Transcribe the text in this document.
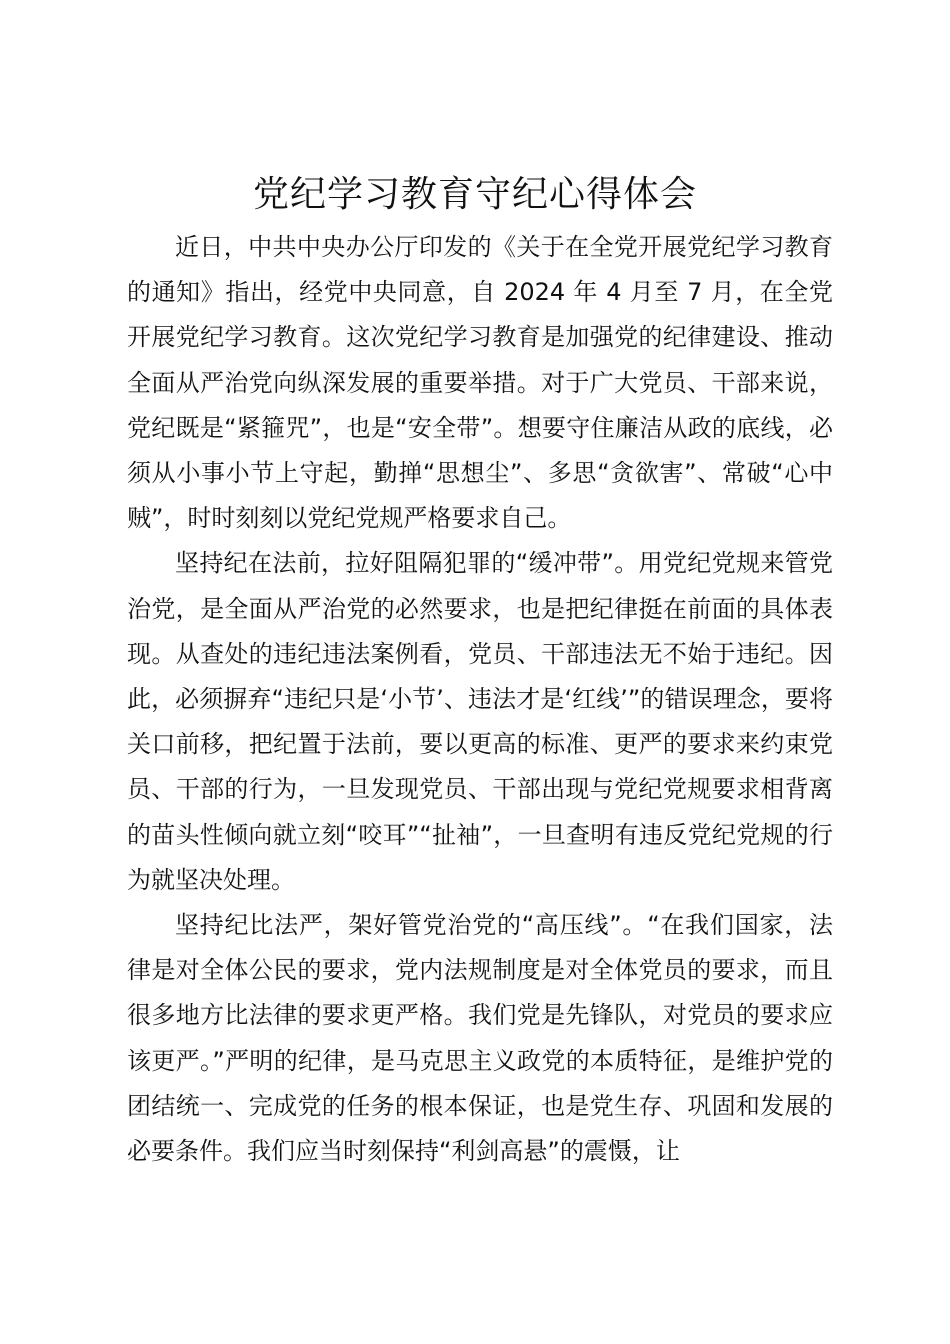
党纪学习教育守纪心得体会

近日，中共中央办公厅印发的《关于在全党开展党纪学习教育的通知》指出，经党中央同意，自 2024 年 4 月至 7 月，在全党开展党纪学习教育。这次党纪学习教育是加强党的纪律建设、推动全面从严治党向纵深发展的重要举措。对于广大党员、干部来说，党纪既是“紧箍咒”，也是“安全带”。想要守住廉洁从政的底线，必须从小事小节上守起，勤掸“思想尘”、多思“贪欲害”、常破“心中贼”，时时刻刻以党纪党规严格要求自己。

坚持纪在法前，拉好阻隔犯罪的“缓冲带”。用党纪党规来管党治党，是全面从严治党的必然要求，也是把纪律挺在前面的具体表现。从查处的违纪违法案例看，党员、干部违法无不始于违纪。因此，必须摒弃“违纪只是‘小节’、违法才是‘红线’”的错误理念，要将关口前移，把纪置于法前，要以更高的标准、更严的要求来约束党员、干部的行为，一旦发现党员、干部出现与党纪党规要求相背离的苗头性倾向就立刻“咬耳”“扯袖”，一旦查明有违反党纪党规的行为就坚决处理。

坚持纪比法严，架好管党治党的“高压线”。“在我们国家，法律是对全体公民的要求，党内法规制度是对全体党员的要求，而且很多地方比法律的要求更严格。我们党是先锋队，对党员的要求应该更严。”严明的纪律，是马克思主义政党的本质特征，是维护党的团结统一、完成党的任务的根本保证，也是党生存、巩固和发展的必要条件。我们应当时刻保持“利剑高悬”的震慑，让
